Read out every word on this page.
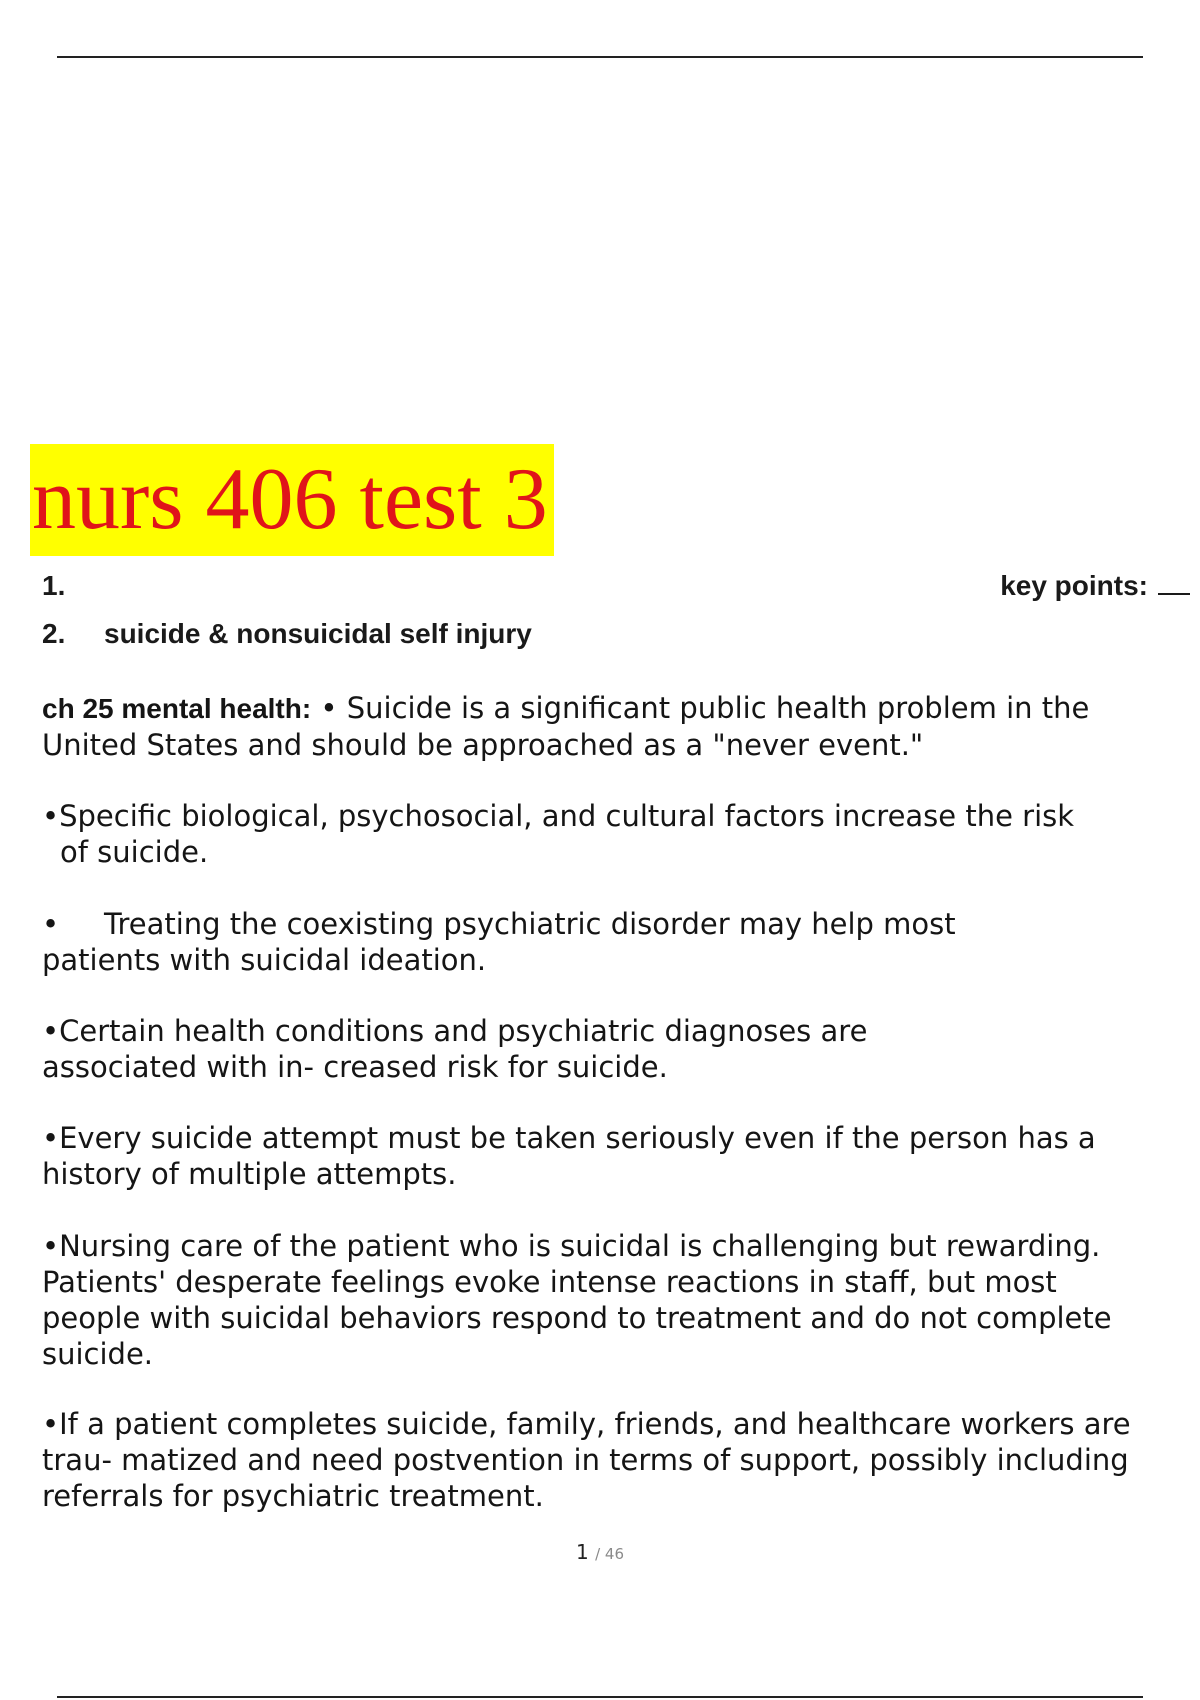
nurs 406 test 3
1.	key points:
2. suicide & nonsuicidal self injury
ch 25 mental health: • Suicide is a significant public health problem in the United States and should be approached as a "never event."
•Specific biological, psychosocial, and cultural factors increase the risk
of suicide.
• Treating the coexisting psychiatric disorder may help most
patients with suicidal ideation.
•Certain health conditions and psychiatric diagnoses are associated with in- creased risk for suicide.
•Every suicide attempt must be taken seriously even if the person has a history of multiple attempts.
•Nursing care of the patient who is suicidal is challenging but rewarding. Patients' desperate feelings evoke intense reactions in staff, but most people with suicidal behaviors respond to treatment and do not complete suicide.
•If a patient completes suicide, family, friends, and healthcare workers are trau- matized and need postvention in terms of support, possibly including referrals for psychiatric treatment.
1 / 46
